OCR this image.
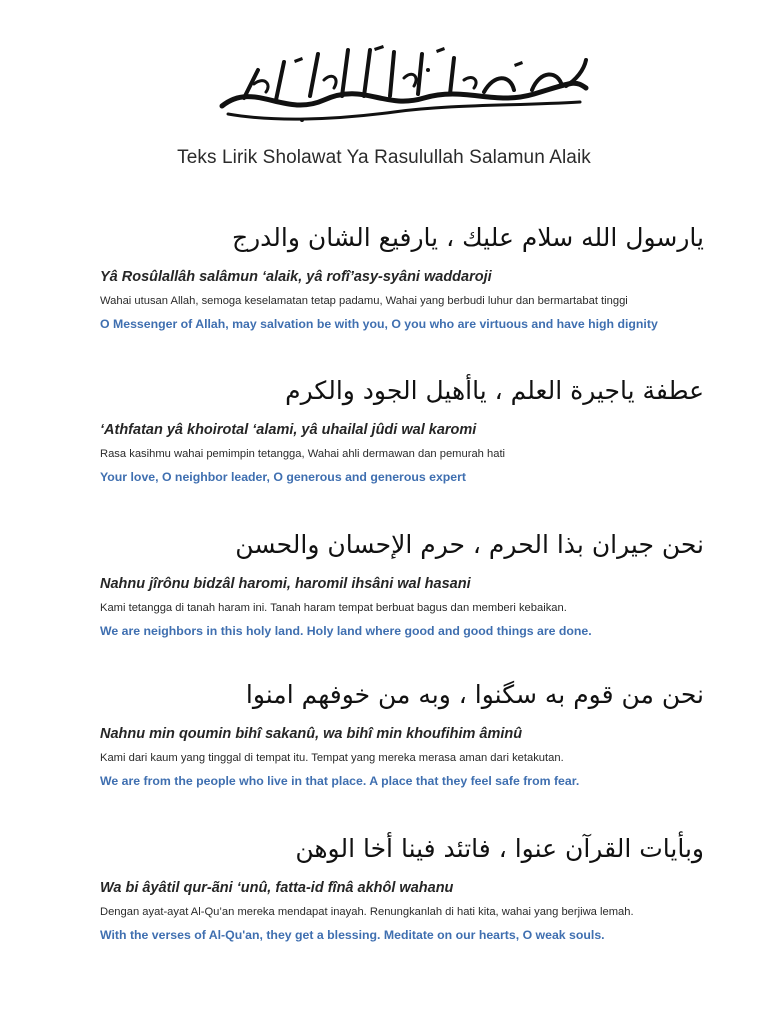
Teks Lirik Sholawat Ya Rasulullah Salamun Alaik
يارسول الله سلام عليك ، يارفيع الشان والدرج
Yâ Rosûlallâh salâmun ‘alaik, yâ rofî’asy-syâni waddaroji
Wahai utusan Allah, semoga keselamatan tetap padamu, Wahai yang berbudi luhur dan bermartabat tinggi
O Messenger of Allah, may salvation be with you, O you who are virtuous and have high dignity
عطفة ياجيرة العلم ، ياأهيل الجود والكرم
‘Athfatan yâ khoirotal ‘alami, yâ uhailal jûdi wal karomi
Rasa kasihmu wahai pemimpin tetangga, Wahai ahli dermawan dan pemurah hati
Your love, O neighbor leader, O generous and generous expert
نحن جيران بذا الحرم ، حرم الإحسان والحسن
Nahnu jîrônu bidzâl haromi, haromil ihsâni wal hasani
Kami tetangga di tanah haram ini. Tanah haram tempat berbuat bagus dan memberi kebaikan.
We are neighbors in this holy land. Holy land where good and good things are done.
نحن من قوم به سگنوا ، وبه من خوفهم امنوا
Nahnu min qoumin bihî sakanû, wa bihî min khoufihim âminû
Kami dari kaum yang tinggal di tempat itu. Tempat yang mereka merasa aman dari ketakutan.
We are from the people who live in that place. A place that they feel safe from fear.
وبأيات القرآن عنوا ، فاتئد فينا أخا الوهن
Wa bi âyâtil qur-ãni ‘unû, fatta-id fînâ akhôl wahanu
Dengan ayat-ayat Al-Qu’an mereka mendapat inayah. Renungkanlah di hati kita, wahai yang berjiwa lemah.
With the verses of Al-Qu'an, they get a blessing. Meditate on our hearts, O weak souls.
